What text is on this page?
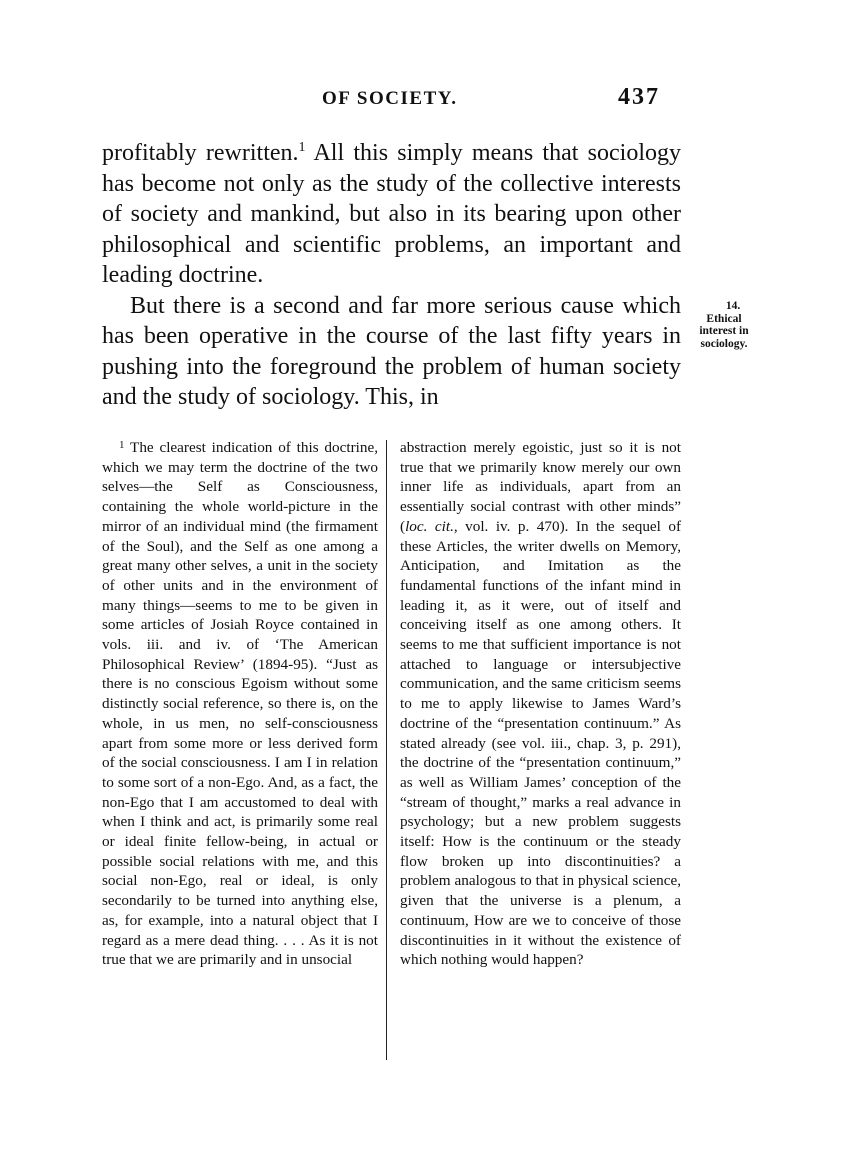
OF SOCIETY.	437

profitably rewritten.$^1$ All this simply means that sociology has become not only as the study of the collective interests of society and mankind, but also in its bearing upon other philosophical and scientific problems, an important and leading doctrine.

But there is a second and far more serious cause which has been operative in the course of the last fifty years in pushing into the foreground the problem of human society and the study of sociology. This, in

14.
Ethical
interest in
sociology.

$^1$ The clearest indication of this doctrine, which we may term the doctrine of the two selves—the Self as Consciousness, containing the whole world-picture in the mirror of an individual mind (the firmament of the Soul), and the Self as one among a great many other selves, a unit in the society of other units and in the environment of many things—seems to me to be given in some articles of Josiah Royce contained in vols. iii. and iv. of ‘The American Philosophical Review’ (1894-95). “Just as there is no conscious Egoism without some distinctly social reference, so there is, on the whole, in us men, no self-consciousness apart from some more or less derived form of the social consciousness. I am I in relation to some sort of a non-Ego. And, as a fact, the non-Ego that I am accustomed to deal with when I think and act, is primarily some real or ideal finite fellow-being, in actual or possible social relations with me, and this social non-Ego, real or ideal, is only secondarily to be turned into anything else, as, for example, into a natural object that I regard as a mere dead thing. . . . As it is not true that we are primarily and in unsocial

abstraction merely egoistic, just so it is not true that we primarily know merely our own inner life as individuals, apart from an essentially social contrast with other minds” (loc. cit., vol. iv. p. 470). In the sequel of these Articles, the writer dwells on Memory, Anticipation, and Imitation as the fundamental functions of the infant mind in leading it, as it were, out of itself and conceiving itself as one among others. It seems to me that sufficient importance is not attached to language or intersubjective communication, and the same criticism seems to me to apply likewise to James Ward’s doctrine of the “presentation continuum.” As stated already (see vol. iii., chap. 3, p. 291), the doctrine of the “presentation continuum,” as well as William James’ conception of the “stream of thought,” marks a real advance in psychology; but a new problem suggests itself: How is the continuum or the steady flow broken up into discontinuities? a problem analogous to that in physical science, given that the universe is a plenum, a continuum, How are we to conceive of those discontinuities in it without the existence of which nothing would happen?
